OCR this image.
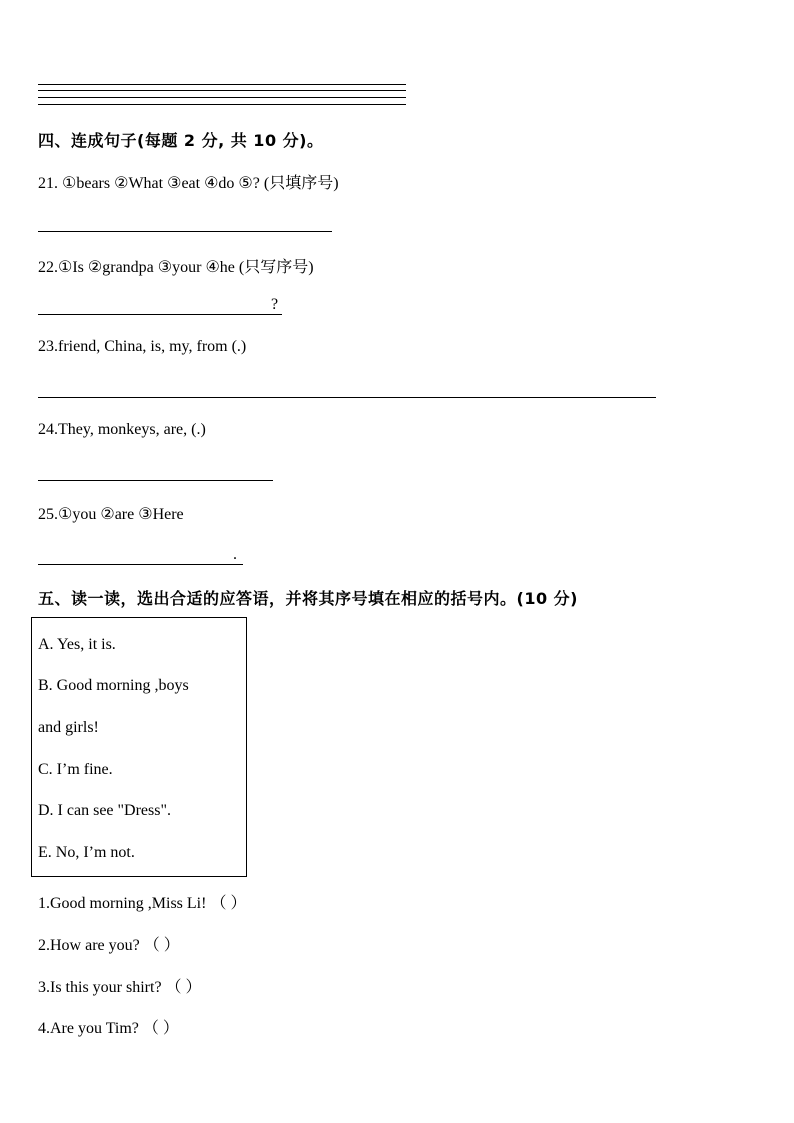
四、连成句子(每题 2 分, 共 10 分)。
21. ①bears ②What ③eat ④do ⑤? (只填序号)
22.①Is ②grandpa ③your ④he (只写序号)
?
23.friend, China, is, my, from (.)
24.They, monkeys, are, (.)
25.①you ②are ③Here
.
五、读一读，选出合适的应答语，并将其序号填在相应的括号内。(10 分)
A. Yes, it is.
B. Good morning ,boys
and girls!
C. I’m fine.
D. I can see "Dress".
E. No, I’m not.
1.Good morning ,Miss Li! （ ）
2.How are you? （ ）
3.Is this your shirt? （ ）
4.Are you Tim? （ ）
